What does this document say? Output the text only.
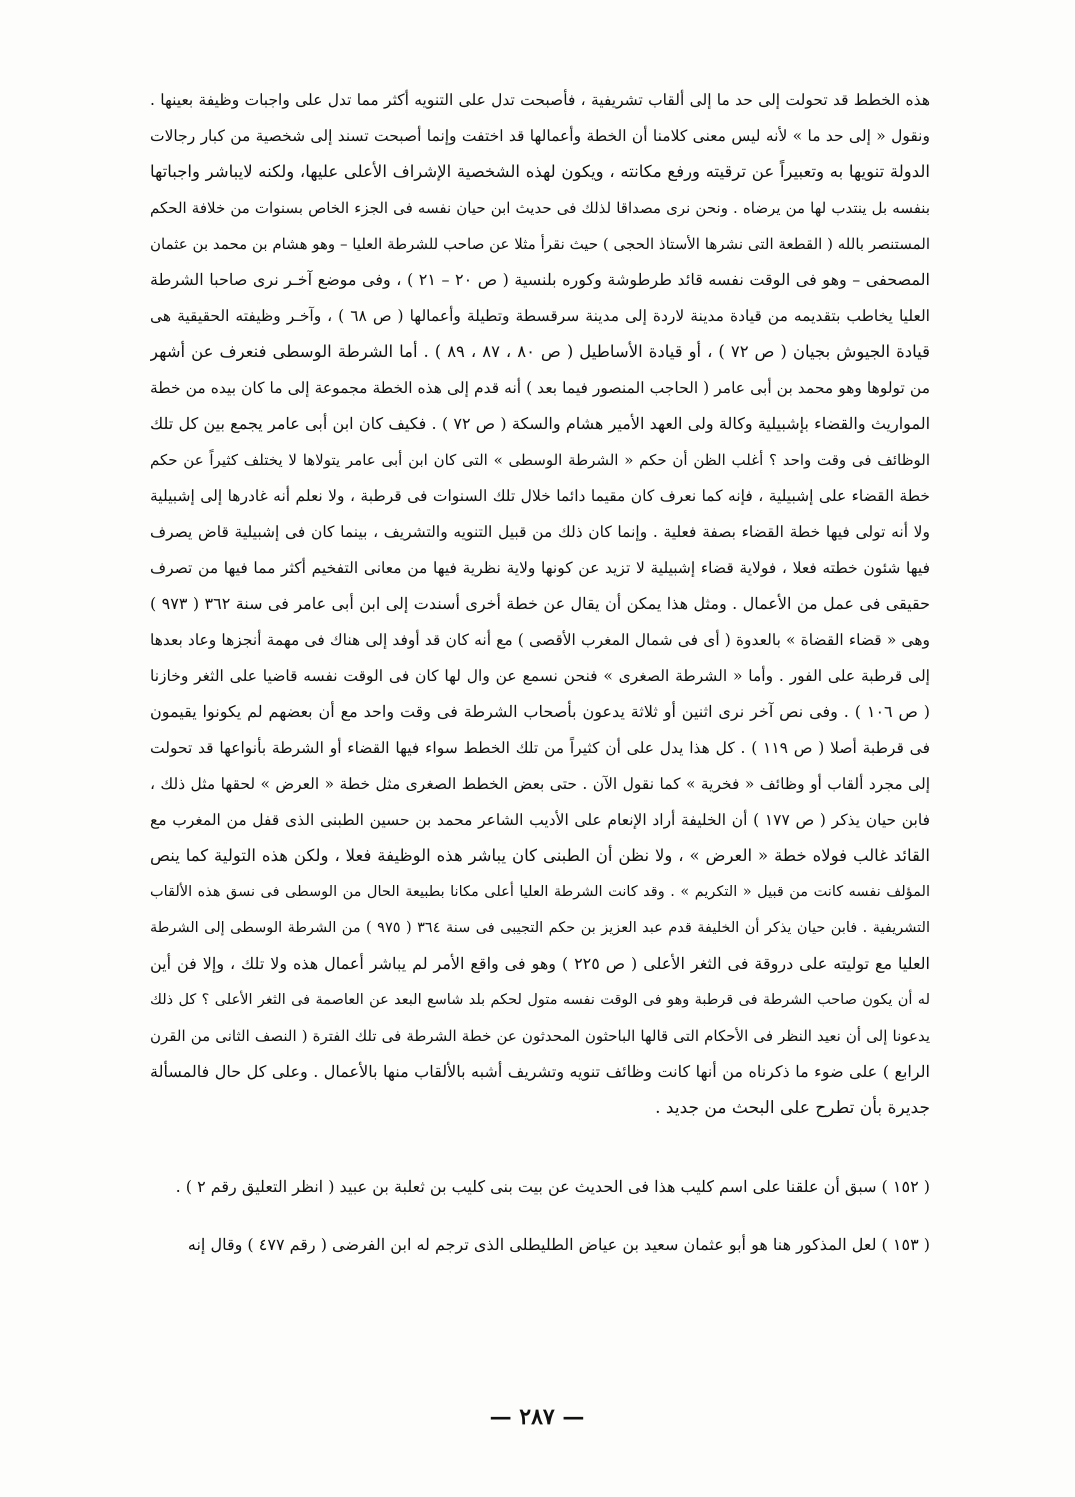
هذه الخطط قد تحولت إلى حد ما إلى ألقاب تشريفية ، فأصبحت تدل على التنويه أكثر مما تدل على واجبات وظيفة بعينها .
ونقول « إلى حد ما » لأنه ليس معنى كلامنا أن الخطة وأعمالها قد اختفت وإنما أصبحت تسند إلى شخصية من كبار رجالات
الدولة تنويها به وتعبيراً عن ترقيته ورفع مكانته ، ويكون لهذه الشخصية الإشراف الأعلى عليها، ولكنه لايباشر واجباتها
بنفسه بل ينتدب لها من يرضاه . ونحن نرى مصداقا لذلك فى حديث ابن حيان نفسه فى الجزء الخاص بسنوات من خلافة الحكم
المستنصر بالله ( القطعة التى نشرها الأستاذ الحجى ) حيث نقرأ مثلا عن صاحب للشرطة العليا – وهو هشام بن محمد بن عثمان
المصحفى – وهو فى الوقت نفسه قائد طرطوشة وكوره بلنسية ( ص ٢٠ – ٢١ ) ، وفى موضع آخـر نرى صاحبا الشرطة
العليا يخاطب بتقديمه من قيادة مدينة لاردة إلى مدينة سرقسطة وتطيلة وأعمالها ( ص ٦٨ ) ، وآخـر وظيفته الحقيقية هى
قيادة الجيوش بجيان ( ص ٧٢ ) ، أو قيادة الأساطيل ( ص ٨٠ ، ٨٧ ، ٨٩ ) . أما الشرطة الوسطى فنعرف عن أشهر
من تولوها وهو محمد بن أبى عامر ( الحاجب المنصور فيما بعد ) أنه قدم إلى هذه الخطة مجموعة إلى ما كان بيده من خطة
المواريث والقضاء بإشبيلية وكالة ولى العهد الأمير هشام والسكة ( ص ٧٢ ) . فكيف كان ابن أبى عامر يجمع بين كل تلك
الوظائف فى وقت واحد ؟ أغلب الظن أن حكم « الشرطة الوسطى » التى كان ابن أبى عامر يتولاها لا يختلف كثيراً عن حكم
خطة القضاء على إشبيلية ، فإنه كما نعرف كان مقيما دائما خلال تلك السنوات فى قرطبة ، ولا نعلم أنه غادرها إلى إشبيلية
ولا أنه تولى فيها خطة القضاء بصفة فعلية . وإنما كان ذلك من قبيل التنويه والتشريف ، بينما كان فى إشبيلية قاض يصرف
فيها شئون خطته فعلا ، فولاية قضاء إشبيلية لا تزيد عن كونها ولاية نظرية فيها من معانى التفخيم أكثر مما فيها من تصرف
حقيقى فى عمل من الأعمال . ومثل هذا يمكن أن يقال عن خطة أخرى أسندت إلى ابن أبى عامر فى سنة ٣٦٢ ( ٩٧٣ )
وهى « قضاء القضاة » بالعدوة ( أى فى شمال المغرب الأقصى ) مع أنه كان قد أوفد إلى هناك فى مهمة أنجزها وعاد بعدها
إلى قرطبة على الفور . وأما « الشرطة الصغرى » فنحن نسمع عن وال لها كان فى الوقت نفسه قاضيا على الثغر وخازنا
( ص ١٠٦ ) . وفى نص آخر نرى اثنين أو ثلاثة يدعون بأصحاب الشرطة فى وقت واحد مع أن بعضهم لم يكونوا يقيمون
فى قرطبة أصلا ( ص ١١٩ ) . كل هذا يدل على أن كثيراً من تلك الخطط سواء فيها القضاء أو الشرطة بأنواعها قد تحولت
إلى مجرد ألقاب أو وظائف « فخرية » كما نقول الآن . حتى بعض الخطط الصغرى مثل خطة « العرض » لحقها مثل ذلك ،
فابن حيان يذكر ( ص ١٧٧ ) أن الخليفة أراد الإنعام على الأديب الشاعر محمد بن حسين الطبنى الذى قفل من المغرب مع
القائد غالب فولاه خطة « العرض » ، ولا نظن أن الطبنى كان يباشر هذه الوظيفة فعلا ، ولكن هذه التولية كما ينص
المؤلف نفسه كانت من قبيل « التكريم » . وقد كانت الشرطة العليا أعلى مكانا بطبيعة الحال من الوسطى فى نسق هذه الألقاب
التشريفية . فابن حيان يذكر أن الخليفة قدم عبد العزيز بن حكم التجيبى فى سنة ٣٦٤ ( ٩٧٥ ) من الشرطة الوسطى إلى الشرطة
العليا مع توليته على دروقة فى الثغر الأعلى ( ص ٢٢٥ ) وهو فى واقع الأمر لم يباشر أعمال هذه ولا تلك ، وإلا فن أين
له أن يكون صاحب الشرطة فى قرطبة وهو فى الوقت نفسه متول لحكم بلد شاسع البعد عن العاصمة فى الثغر الأعلى ؟ كل ذلك
يدعونا إلى أن نعيد النظر فى الأحكام التى قالها الباحثون المحدثون عن خطة الشرطة فى تلك الفترة ( النصف الثانى من القرن
الرابع ) على ضوء ما ذكرناه من أنها كانت وظائف تنويه وتشريف أشبه بالألقاب منها بالأعمال . وعلى كل حال فالمسألة
جديرة بأن تطرح على البحث من جديد .
( ١٥٢ ) سبق أن علقنا على اسم كليب هذا فى الحديث عن بيت بنى كليب بن ثعلبة بن عبيد ( انظر التعليق رقم ٢ ) .
( ١٥٣ ) لعل المذكور هنا هو أبو عثمان سعيد بن عياض الطليطلى الذى ترجم له ابن الفرضى ( رقم ٤٧٧ ) وقال إنه
— ٢٨٧ —
